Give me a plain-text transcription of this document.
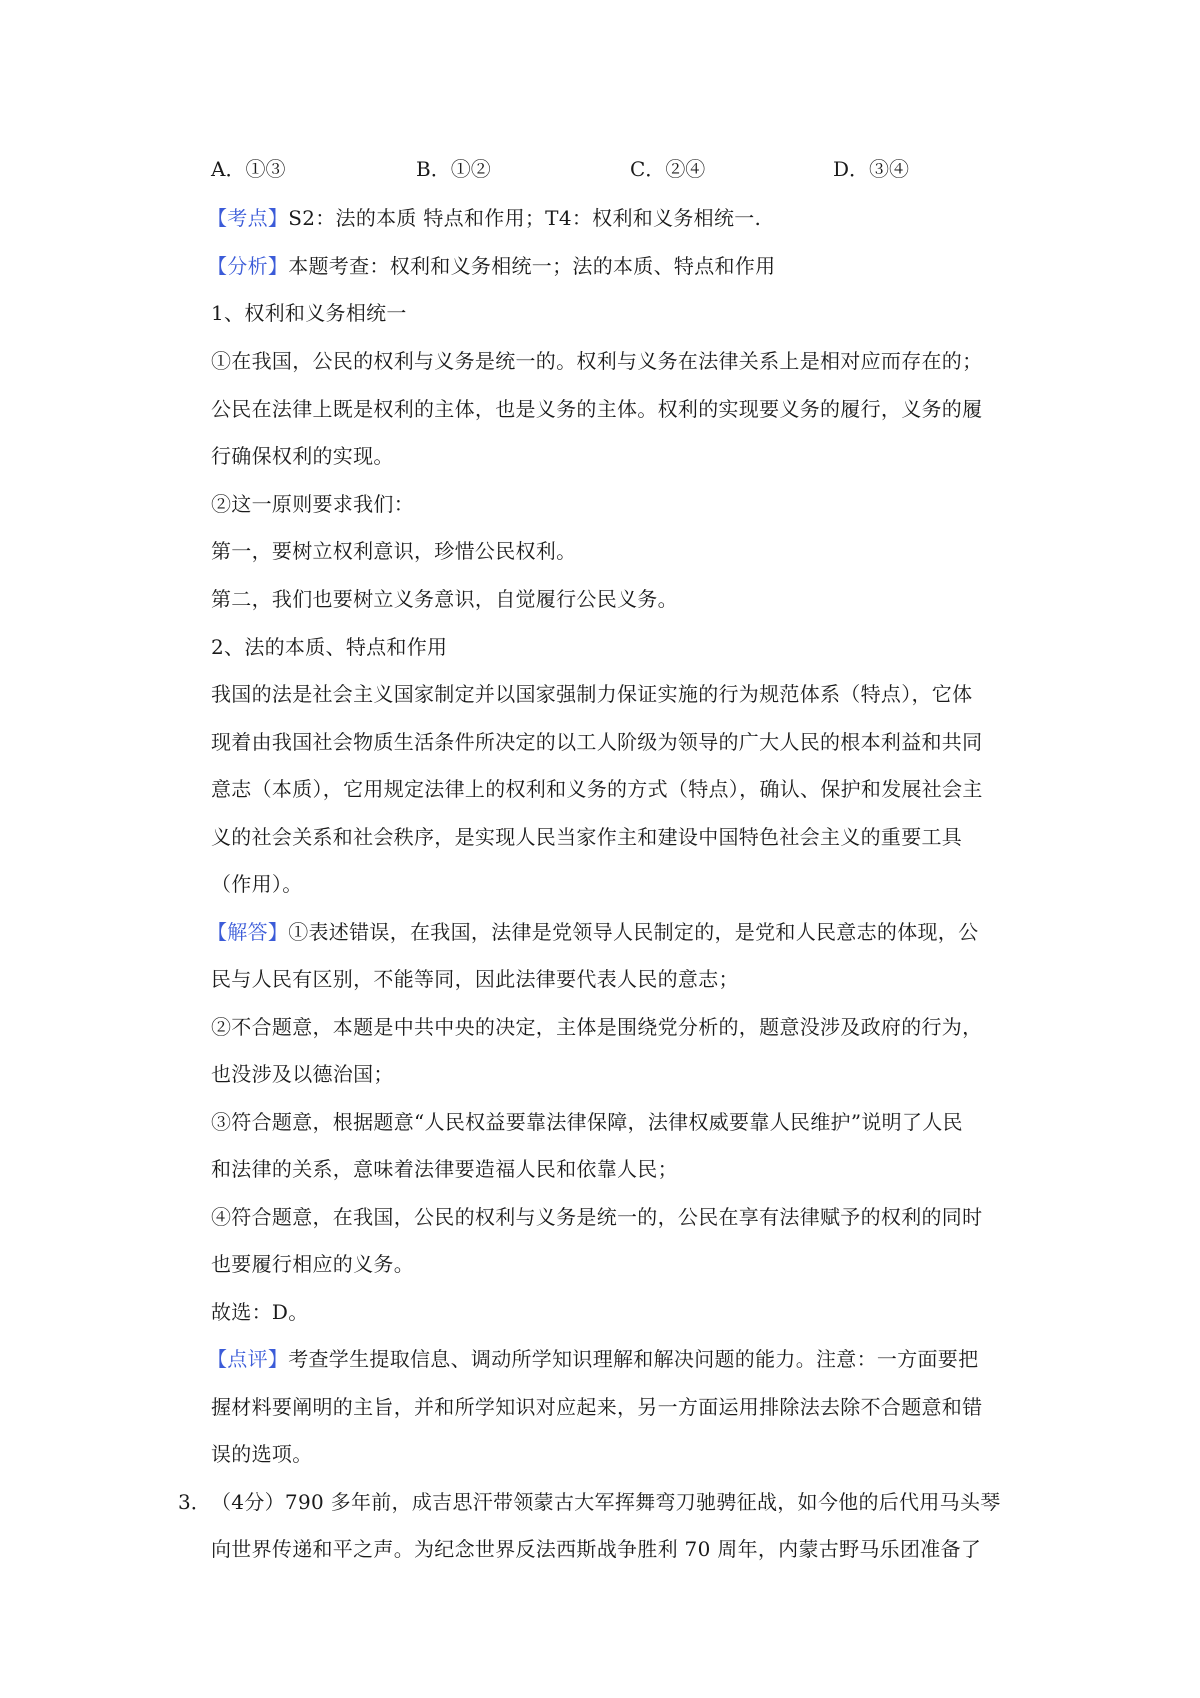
A．①③	B．①②	C．②④	D．③④
【考点】S2：法的本质 特点和作用；T4：权利和义务相统一.
【分析】本题考查：权利和义务相统一；法的本质、特点和作用
1、权利和义务相统一
①在我国，公民的权利与义务是统一的。权利与义务在法律关系上是相对应而存在的；
公民在法律上既是权利的主体，也是义务的主体。权利的实现要义务的履行，义务的履
行确保权利的实现。
②这一原则要求我们：
第一，要树立权利意识，珍惜公民权利。
第二，我们也要树立义务意识，自觉履行公民义务。
2、法的本质、特点和作用
我国的法是社会主义国家制定并以国家强制力保证实施的行为规范体系（特点），它体
现着由我国社会物质生活条件所决定的以工人阶级为领导的广大人民的根本利益和共同
意志（本质），它用规定法律上的权利和义务的方式（特点），确认、保护和发展社会主
义的社会关系和社会秩序，是实现人民当家作主和建设中国特色社会主义的重要工具
（作用）。
【解答】①表述错误，在我国，法律是党领导人民制定的，是党和人民意志的体现，公
民与人民有区别，不能等同，因此法律要代表人民的意志；
②不合题意，本题是中共中央的决定，主体是围绕党分析的，题意没涉及政府的行为，
也没涉及以德治国；
③符合题意，根据题意“人民权益要靠法律保障，法律权威要靠人民维护”说明了人民
和法律的关系，意味着法律要造福人民和依靠人民；
④符合题意，在我国，公民的权利与义务是统一的，公民在享有法律赋予的权利的同时
也要履行相应的义务。
故选：D。
【点评】考查学生提取信息、调动所学知识理解和解决问题的能力。注意：一方面要把
握材料要阐明的主旨，并和所学知识对应起来，另一方面运用排除法去除不合题意和错
误的选项。
3． （4分）790 多年前，成吉思汗带领蒙古大军挥舞弯刀驰骋征战，如今他的后代用马头琴
向世界传递和平之声。为纪念世界反法西斯战争胜利 70 周年，内蒙古野马乐团准备了
